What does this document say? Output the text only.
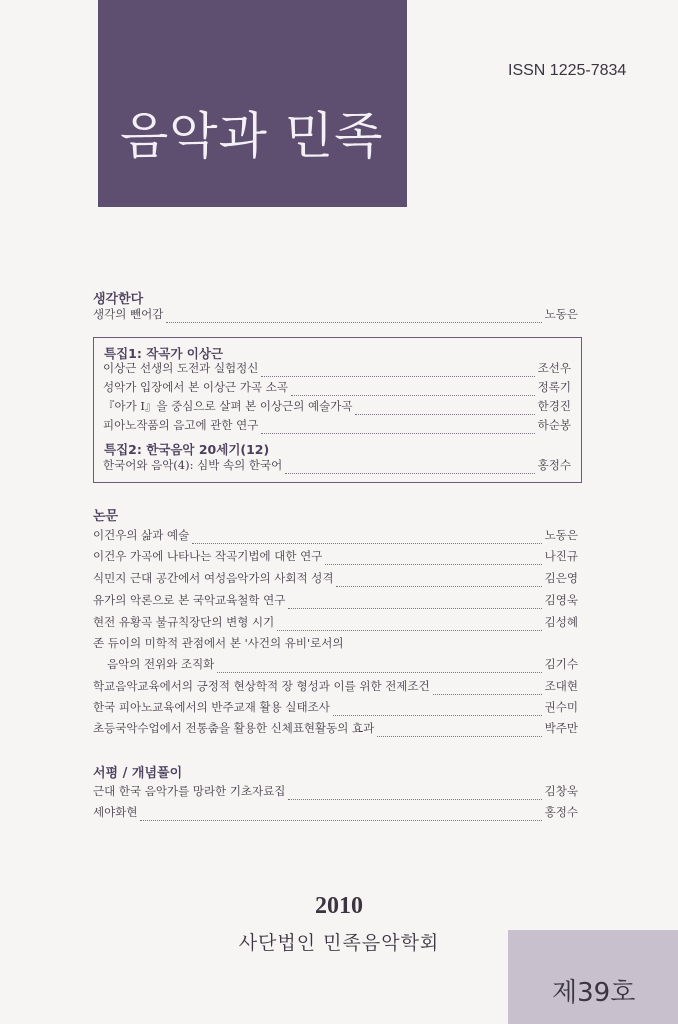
음악과 민족
ISSN 1225-7834
생각한다
생각의 뺀어감	노동은
특집1: 작곡가 이상근
이상근 선생의 도전과 실험정신	조선우
성악가 입장에서 본 이상근 가곡 소곡	정록기
『아가 I』을 중심으로 살펴 본 이상근의 예술가곡	한경진
피아노작품의 음고에 관한 연구	하순봉
특집2: 한국음악 20세기(12)
한국어와 음악(4): 심박 속의 한국어	홍정수
논문
이건우의 삶과 예술	노동은
이건우 가곡에 나타나는 작곡기법에 대한 연구	나진규
식민지 근대 공간에서 여성음악가의 사회적 성격	김은영
유가의 악론으로 본 국악교육철학 연구	김영욱
현전 유황곡 불규칙장단의 변형 시기	김성혜
존 듀이의 미학적 관점에서 본 '사건의 유비'로서의
음악의 전위와 조직화	김기수
학교음악교육에서의 긍정적 현상학적 장 형성과 이를 위한 전제조건	조대현
한국 피아노교육에서의 반주교재 활용 실태조사	권수미
초등국악수업에서 전통춤을 활용한 신체표현활동의 효과	박주만
서평 / 개념풀이
근대 한국 음악가를 망라한 기초자료집	김창욱
세야화현	홍정수
2010
사단법인 민족음악학회
제39호
